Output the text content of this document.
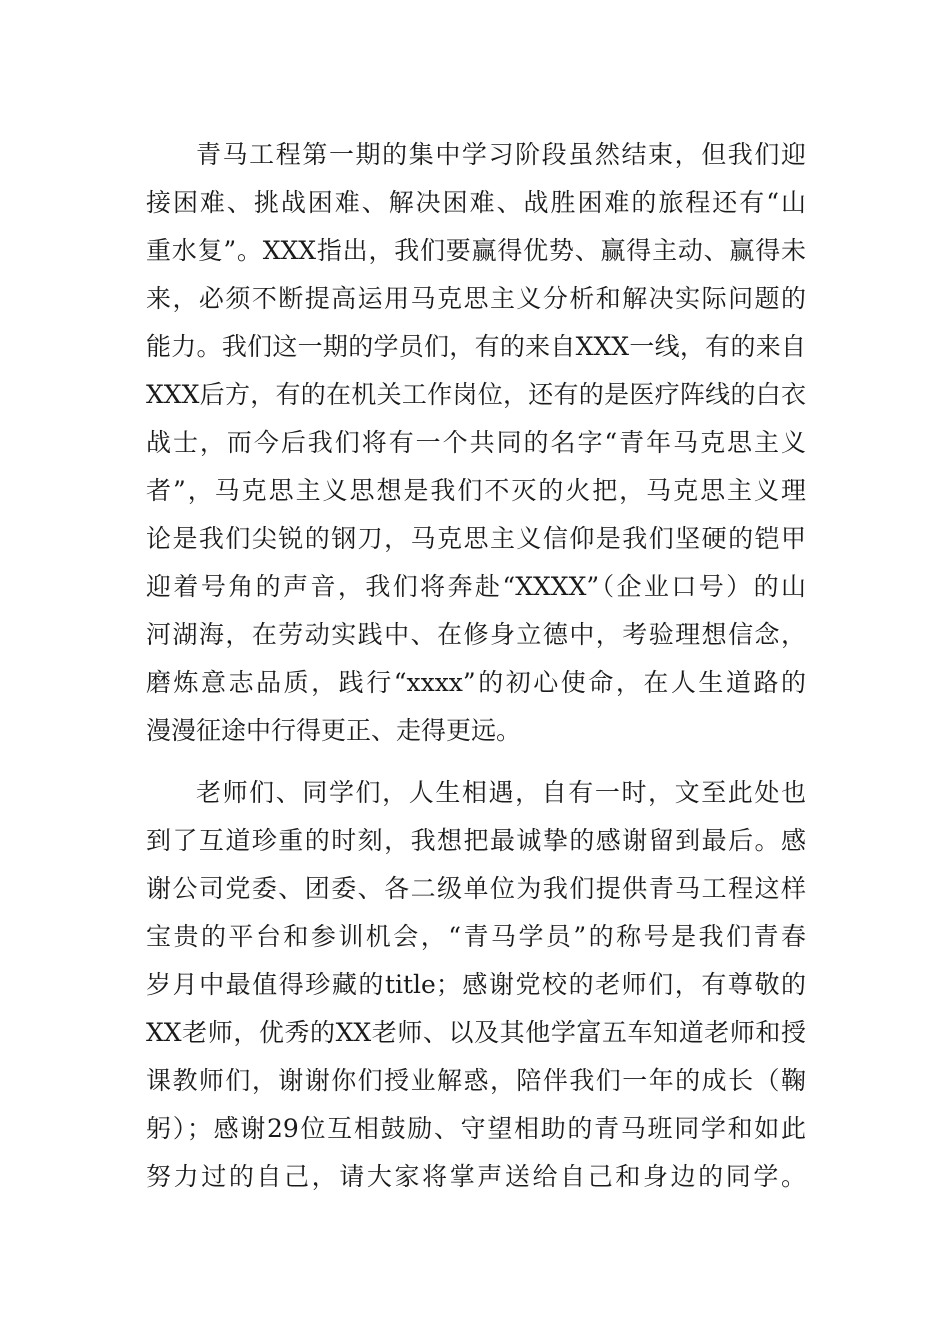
青马工程第一期的集中学习阶段虽然结束，但我们迎
接困难、挑战困难、解决困难、战胜困难的旅程还有“山
重水复”。XXX指出，我们要赢得优势、赢得主动、赢得未
来，必须不断提高运用马克思主义分析和解决实际问题的
能力。我们这一期的学员们，有的来自XXX一线，有的来自
XXX后方，有的在机关工作岗位，还有的是医疗阵线的白衣
战士，而今后我们将有一个共同的名字“青年马克思主义
者”，马克思主义思想是我们不灭的火把，马克思主义理
论是我们尖锐的钢刀，马克思主义信仰是我们坚硬的铠甲
迎着号角的声音，我们将奔赴“XXXX”（企业口号）的山
河湖海，在劳动实践中、在修身立德中，考验理想信念，
磨炼意志品质，践行“xxxx”的初心使命，在人生道路的
漫漫征途中行得更正、走得更远。
老师们、同学们，人生相遇，自有一时，文至此处也
到了互道珍重的时刻，我想把最诚挚的感谢留到最后。感
谢公司党委、团委、各二级单位为我们提供青马工程这样
宝贵的平台和参训机会，“青马学员”的称号是我们青春
岁月中最值得珍藏的title；感谢党校的老师们，有尊敬的
XX老师，优秀的XX老师、以及其他学富五车知道老师和授
课教师们，谢谢你们授业解惑，陪伴我们一年的成长（鞠
躬）；感谢29位互相鼓励、守望相助的青马班同学和如此
努力过的自己，请大家将掌声送给自己和身边的同学。
